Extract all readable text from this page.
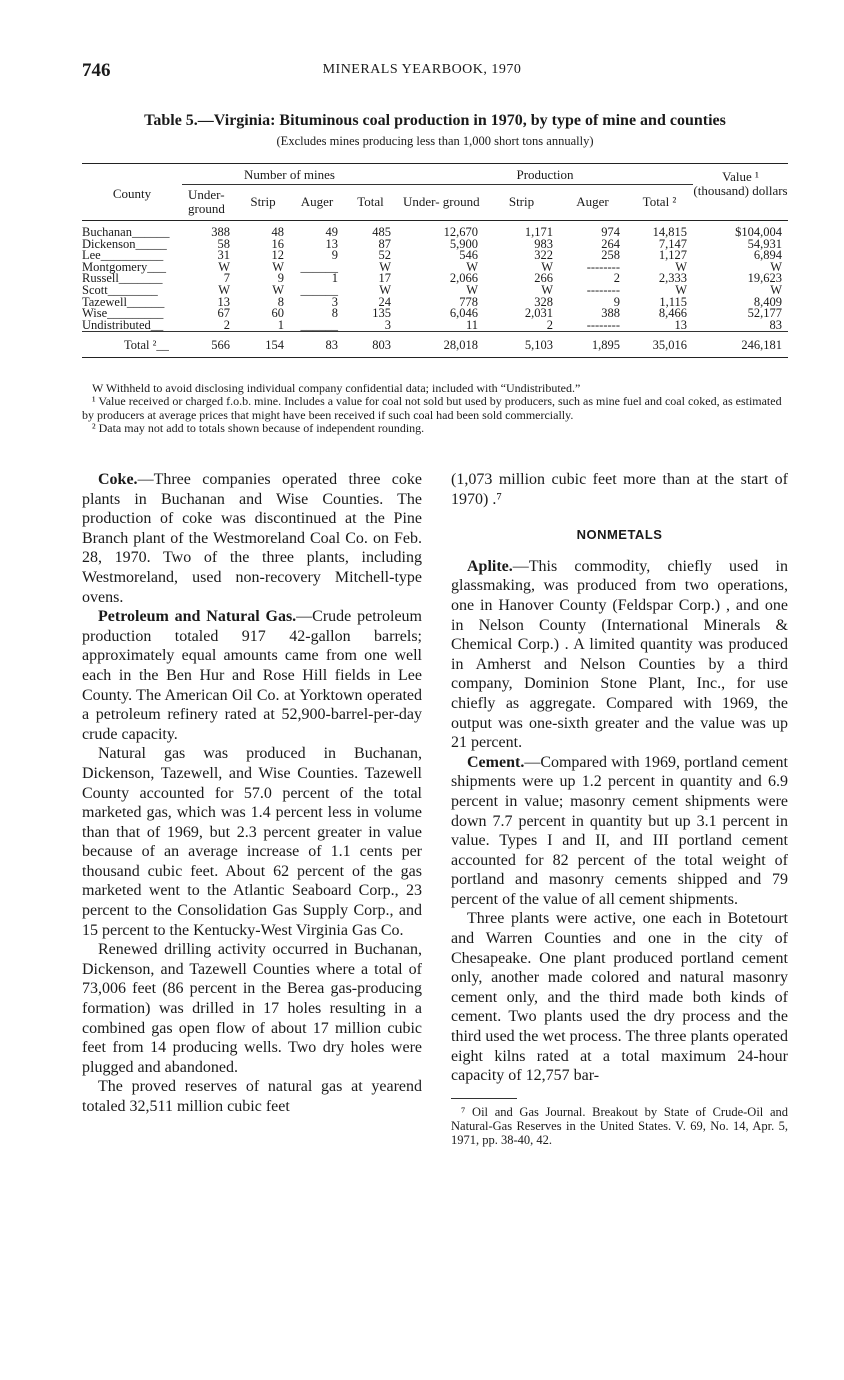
746	MINERALS YEARBOOK, 1970
Table 5.—Virginia: Bituminous coal production in 1970, by type of mine and counties
(Excludes mines producing less than 1,000 short tons annually)
County	Number of mines				Production				Value ¹ (thousand) dollars
	Under- ground	Strip	Auger	Total	Under- ground	Strip	Auger	Total ²	
Buchanan______	388	48	49	485	12,670	1,171	974	14,815	$104,004
Dickenson_____	58	16	13	87	5,900	983	264	7,147	54,931
Lee__________	31	12	9	52	546	322	258	1,127	6,894
Montgomery___	W	W	______	W	W	W	--------	W	W
Russell_______	7	9	1	17	2,066	266	2	2,333	19,623
Scott________	W	W	______	W	W	W	--------	W	W
Tazewell______	13	8	3	24	778	328	9	1,115	8,409
Wise_________	67	60	8	135	6,046	2,031	388	8,466	52,177
Undistributed__	2	1	______	3	11	2	--------	13	83
Total ²__	566	154	83	803	28,018	5,103	1,895	35,016	246,181

W Withheld to avoid disclosing individual company confidential data; included with “Undistributed.”

¹ Value received or charged f.o.b. mine. Includes a value for coal not sold but used by producers, such as mine fuel and coal coked, as estimated by producers at average prices that might have been received if such coal had been sold commercially.

² Data may not add to totals shown because of independent rounding.

Coke.—Three companies operated three coke plants in Buchanan and Wise Counties. The production of coke was discontinued at the Pine Branch plant of the Westmoreland Coal Co. on Feb. 28, 1970. Two of the three plants, including Westmoreland, used non-recovery Mitchell-type ovens.

Petroleum and Natural Gas.—Crude petroleum production totaled 917 42-gallon barrels; approximately equal amounts came from one well each in the Ben Hur and Rose Hill fields in Lee County. The American Oil Co. at Yorktown operated a petroleum refinery rated at 52,900-barrel-per-day crude capacity.

Natural gas was produced in Buchanan, Dickenson, Tazewell, and Wise Counties. Tazewell County accounted for 57.0 percent of the total marketed gas, which was 1.4 percent less in volume than that of 1969, but 2.3 percent greater in value because of an average increase of 1.1 cents per thousand cubic feet. About 62 percent of the gas marketed went to the Atlantic Seaboard Corp., 23 percent to the Consolidation Gas Supply Corp., and 15 percent to the Kentucky-West Virginia Gas Co.

Renewed drilling activity occurred in Buchanan, Dickenson, and Tazewell Counties where a total of 73,006 feet (86 percent in the Berea gas-producing formation) was drilled in 17 holes resulting in a combined gas open flow of about 17 million cubic feet from 14 producing wells. Two dry holes were plugged and abandoned.

The proved reserves of natural gas at yearend totaled 32,511 million cubic feet

(1,073 million cubic feet more than at the start of 1970) .⁷

NONMETALS

Aplite.—This commodity, chiefly used in glassmaking, was produced from two operations, one in Hanover County (Feldspar Corp.) , and one in Nelson County (International Minerals & Chemical Corp.) . A limited quantity was produced in Amherst and Nelson Counties by a third company, Dominion Stone Plant, Inc., for use chiefly as aggregate. Compared with 1969, the output was one-sixth greater and the value was up 21 percent.

Cement.—Compared with 1969, portland cement shipments were up 1.2 percent in quantity and 6.9 percent in value; masonry cement shipments were down 7.7 percent in quantity but up 3.1 percent in value. Types I and II, and III portland cement accounted for 82 percent of the total weight of portland and masonry cements shipped and 79 percent of the value of all cement shipments.

Three plants were active, one each in Botetourt and Warren Counties and one in the city of Chesapeake. One plant produced portland cement only, another made colored and natural masonry cement only, and the third made both kinds of cement. Two plants used the dry process and the third used the wet process. The three plants operated eight kilns rated at a total maximum 24-hour capacity of 12,757 bar-

⁷ Oil and Gas Journal. Breakout by State of Crude-Oil and Natural-Gas Reserves in the United States. V. 69, No. 14, Apr. 5, 1971, pp. 38-40, 42.
